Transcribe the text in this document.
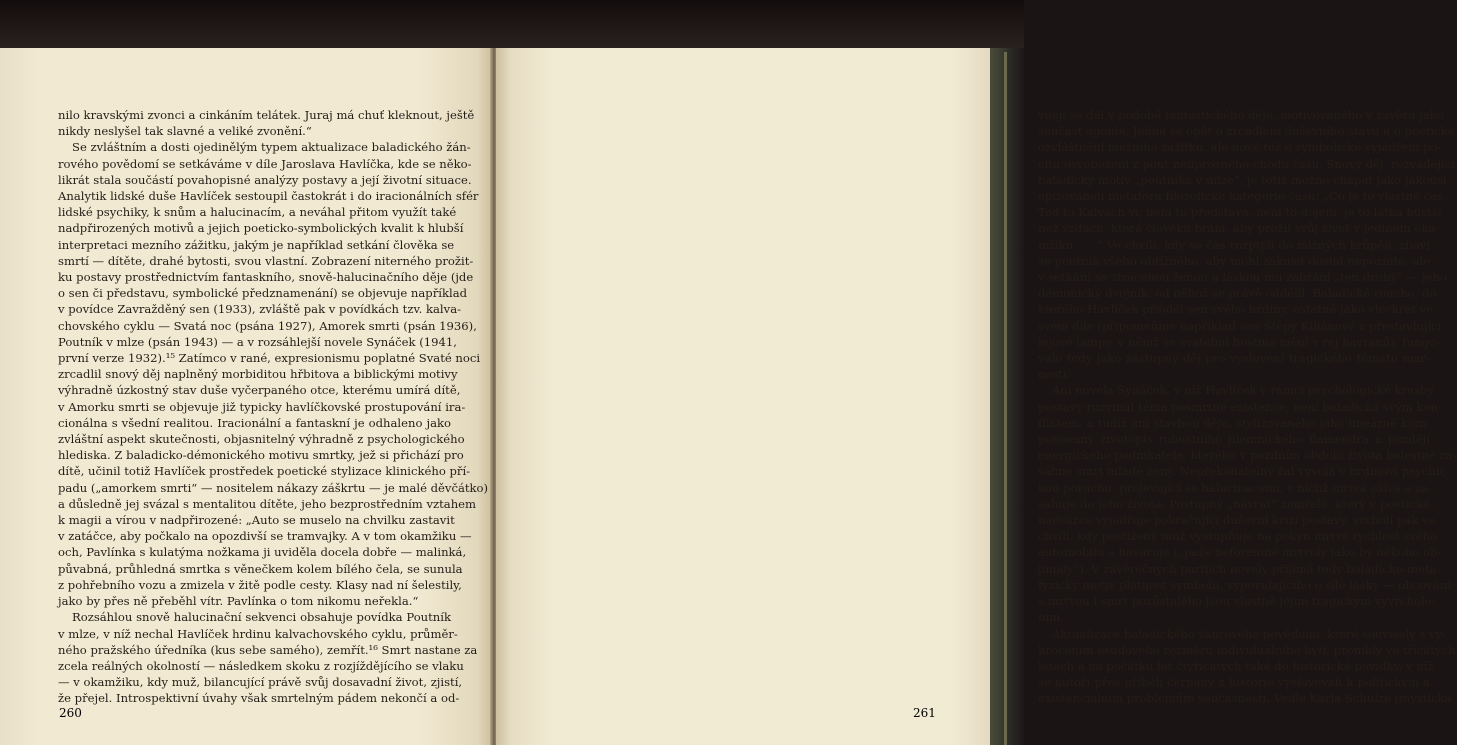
nilo kravskými zvonci a cinkáním telátek. Juraj má chuť kleknout, ještě
nikdy neslyšel tak slavné a veliké zvonění.“
Se zvláštním a dosti ojedinělým typem aktualizace baladického žán-
rového povědomí se setkáváme v díle Jaroslava Havlíčka, kde se něko-
likrát stala součástí povahopisné analýzy postavy a její životní situace.
Analytik lidské duše Havlíček sestoupil častokrát i do iracionálních sfér
lidské psychiky, k snům a halucinacím, a neváhal přitom využít také
nadpřirozených motivů a jejich poeticko-symbolických kvalit k hlubší
interpretaci mezního zážitku, jakým je například setkání člověka se
smrtí — dítěte, drahé bytosti, svou vlastní. Zobrazení niterného prožit-
ku postavy prostřednictvím fantaskního, snově-halucinačního děje (jde
o sen či představu, symbolické předznamenání) se objevuje například
v povídce Zavražděný sen (1933), zvláště pak v povídkách tzv. kalva-
chovského cyklu — Svatá noc (psána 1927), Amorek smrti (psán 1936),
Poutník v mlze (psán 1943) — a v rozsáhlejší novele Synáček (1941,
první verze 1932).¹⁵ Zatímco v rané, expresionismu poplatné Svaté noci
zrcadlil snový děj naplněný morbiditou hřbitova a biblickými motivy
výhradně úzkostný stav duše vyčerpaného otce, kterému umírá dítě,
v Amorku smrti se objevuje již typicky havlíčkovské prostupování ira-
cionálna s všední realitou. Iracionální a fantaskní je odhaleno jako
zvláštní aspekt skutečnosti, objasnitelný výhradně z psychologického
hlediska. Z baladicko-démonického motivu smrtky, jež si přichází pro
dítě, učinil totiž Havlíček prostředek poetické stylizace klinického pří-
padu („amorkem smrti“ — nositelem nákazy záškrtu — je malé děvčátko)
a důsledně jej svázal s mentalitou dítěte, jeho bezprostředním vztahem
k magii a vírou v nadpřirozené: „Auto se muselo na chvilku zastavit
v zatáčce, aby počkalo na opozdivší se tramvajky. A v tom okamžiku —
och, Pavlínka s kulatýma nožkama ji uviděla docela dobře — malinká,
půvabná, průhledná smrtka s věnečkem kolem bílého čela, se sunula
z pohřebního vozu a zmizela v žitě podle cesty. Klasy nad ní šelestily,
jako by přes ně přeběhl vítr. Pavlínka o tom nikomu neřekla.“
Rozsáhlou snově halucinační sekvenci obsahuje povídka Poutník
v mlze, v níž nechal Havlíček hrdinu kalvachovského cyklu, průměr-
ného pražského úředníka (kus sebe samého), zemřít.¹⁶ Smrt nastane za
zcela reálných okolností — následkem skoku z rozjíždějícího se vlaku
— v okamžiku, kdy muž, bilancující právě svůj dosavadní život, zjistí,
že přejel. Introspektivní úvahy však smrtelným pádem nekončí a od-
víjejí se dál v podobě fantastického děje, motivovaného v závěru jako
součást agónie. Jedná se opět o zrcadlení duševního stavu a o poetické
ozvláštnění mezního zážitku, ale nově též o symbolické vyjádření po-
citu osvobození z pout neúprosného chodu času. Snový děj, rozvádějící
baladický motiv „poutníka v mlze“, je totiž možno chápat jako jakousi
epizovanou metaforu filozofické kategorie času: „Co je to vlastně čas.
Teď to Kalvach ví, není to představa, není to dojem, je to látka hustší
než vzduch, která člověku brání, aby prožil svůj život v jediném oka-
mžiku . . .“ Ve chvíli, kdy se čas rozptýlí do mlžných krůpějí, zbaví
se poutník všeho obtížného, aby mohl zakusit dosud nepoznité, ale
v setkání se ztracenou ženou a láskou mu zabrání „ten druhý“ — jeho
démonický dvojník, od něhož se právě oddělil. Baladické roucho, do
kterého Havlíček přioděl sen svého hrdiny, ostatně jako vleckrát ve
svém díle (připomeňme například sen Štěpy Kiliánové z přestavlující
lejové lampy, v němž se svatební hostina mění v rej havranů), fungo-
valo tedy jako zástupný děj pro vyslovení tragického tématu mar-
nosti.
Ani novela Synáček, v níž Havlíček v rámci psychologické kresby
postavy rozvinul téma posmrtné existence, není baladická svým kon-
fliktem, a tudíž ani stavbou děje, stylizovaného jako lineárně kom-
ponovaný životopis robustního jilemnického flamendra a později
energického podnikatele, kterého v pozdním období života bolestně za-
sáhne smrt mladé ženy. Nepřekonatelný žal vyvolá v hrdinovi psychic-
kou poruchu, projevující se halucinacemi, v nichž mrtvá ožívá a za-
sahuje do jeho života. Postupný „návrat“ zemřelé, který v poetické
nadsázce vyjadřuje pokračující duševní krizi postavy, vrcholí pak ve
chvíli, kdy postižený muž vystupňuje na pokyn mrtvé rychlost svého
automobilu a havaruje („paže neforemné mrtvoly jako by někoho ob-
jímaly“). V závěrečných partiích novely přijímá tedy baladicko-meta-
fyzický motiv platnost symbolu, vypovídajícího o síle lásky — obcování
s mrtvou i smrt pozůstalého jsou vlastně jejím tragickým vyvrchole-
ním.
Aktualizace baladického žánrového povědomí, které souvisely s vy-
hrocením osudového rozměru individuálního bytí, pronikly ve třicátých
letech a na počátku let čtyřicátých také do historické povídky, v níž
se autoři přes příběh čerpaný z historie vyslovovali k politickým a
existenciálním problémům současnosti. Vedle Karla Schulze (mystická
260	261
